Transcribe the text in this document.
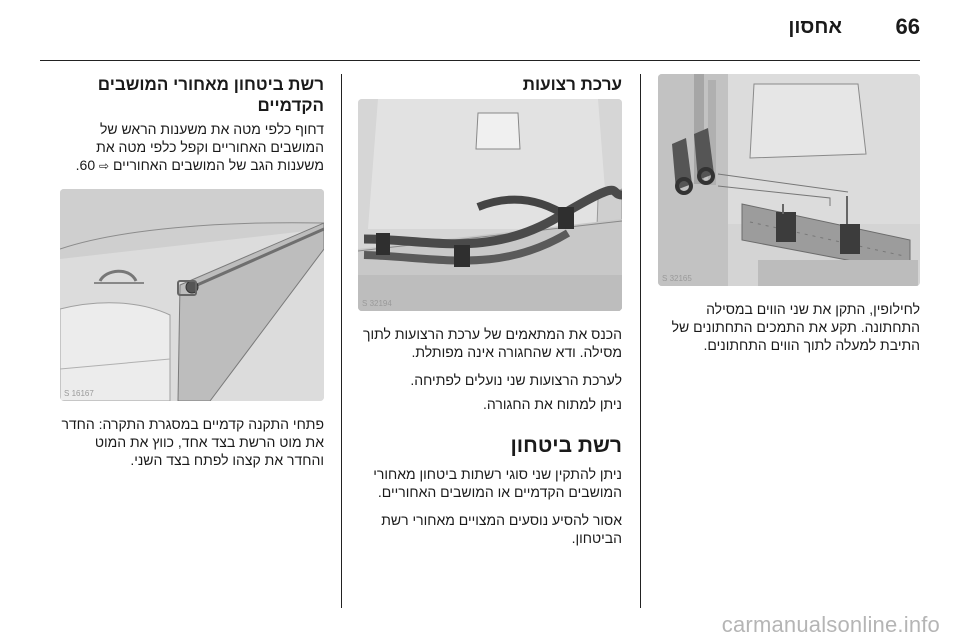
66
אחסון
32165 S
לחילופין, התקן את שני הווים במסילה התחתונה. תקע את התמכים התחתונים של התיבת למעלה לתוך הווים התחתונים.
ערכת רצועות
32194 S
הכנס את המתאמים של ערכת הרצועות לתוך מסילה. ודא שהחגורה אינה מפותלת.
לערכת הרצועות שני נועלים לפתיחה.
ניתן למתוח את החגורה.
רשת ביטחון
ניתן להתקין שני סוגי רשתות ביטחון מאחורי המושבים הקדמיים או המושבים האחוריים.
אסור להסיע נוסעים המצויים מאחורי רשת הביטחון.
רשת ביטחון מאחורי המושבים הקדמיים
דחוף כלפי מטה את משענות הראש של המושבים האחוריים וקפל כלפי מטה את משענות הגב של המושבים האחוריים ⇨ 60.
16167 S
פתחי התקנה קדמיים במסגרת התקרה: החדר את מוט הרשת בצד אחד, כווץ את המוט והחדר את קצהו לפתח בצד השני.
carmanualsonline.info
